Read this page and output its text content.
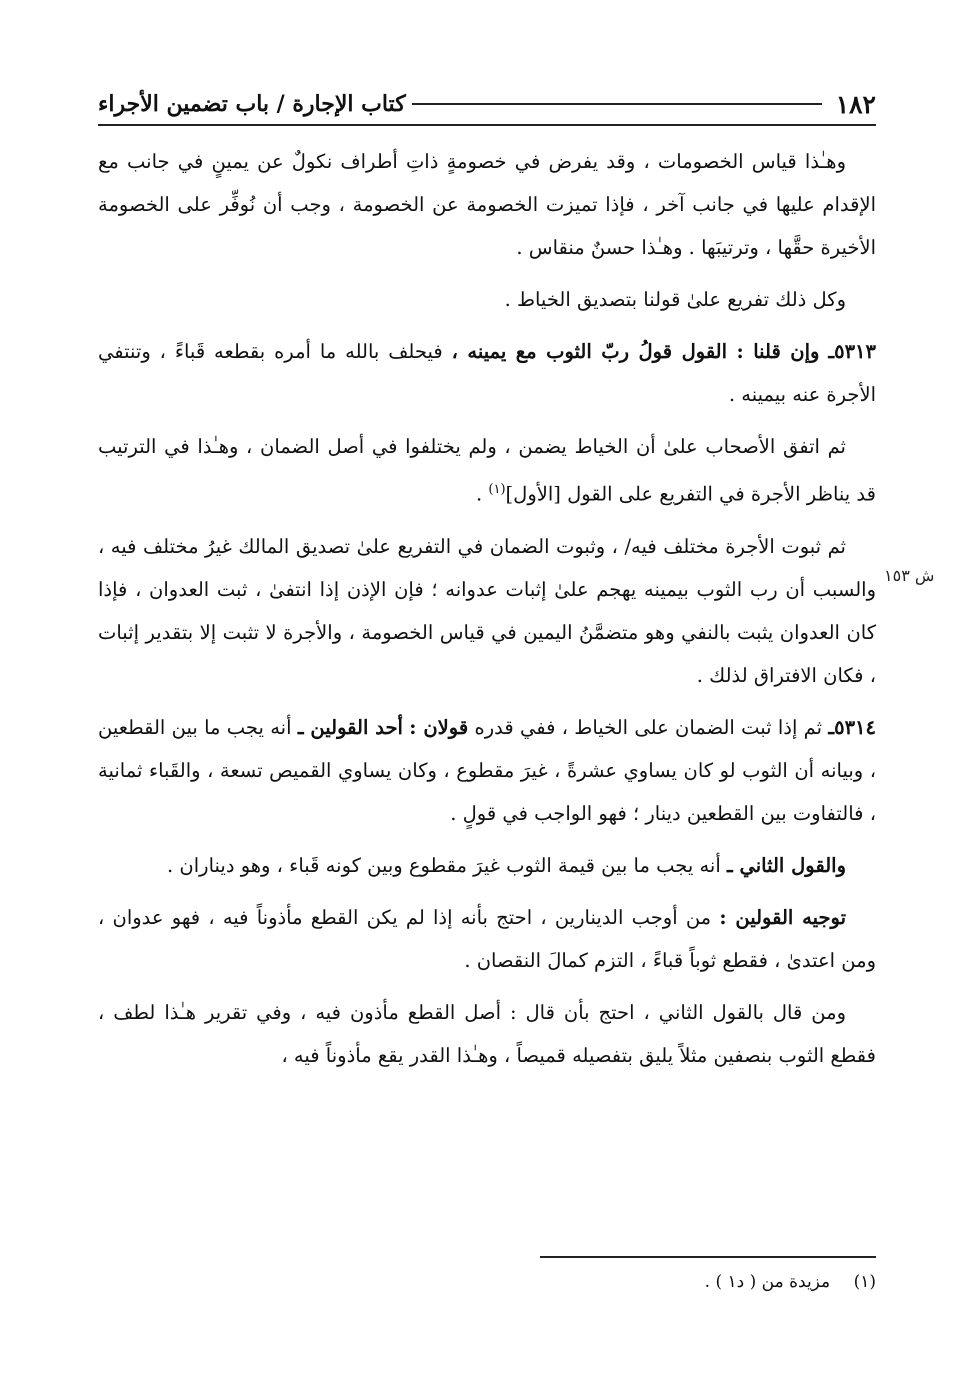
١٨٢
كتاب الإجارة / باب تضمين الأجراء
ش ١٥٣

وهـٰذا قياس الخصومات ، وقد يفرض في خصومةٍ ذاتِ أطراف نكولٌ عن يمينٍ في جانب مع الإقدام عليها في جانب آخر ، فإذا تميزت الخصومة عن الخصومة ، وجب أن نُوفِّر على الخصومة الأخيرة حقَّها ، وترتيبَها . وهـٰذا حسنٌ منقاس .

وكل ذلك تفريع علىٰ قولنا بتصديق الخياط .

٥٣١٣ـ وإن قلنا : القول قولُ ربّ الثوب مع يمينه ، فيحلف بالله ما أمره بقطعه قَباءً ، وتنتفي الأجرة عنه بيمينه .

ثم اتفق الأصحاب علىٰ أن الخياط يضمن ، ولم يختلفوا في أصل الضمان ، وهـٰذا في الترتيب قد يناظر الأجرة في التفريع على القول [الأول]$^{(١)}$ .

ثم ثبوت الأجرة مختلف فيه/ ، وثبوت الضمان في التفريع علىٰ تصديق المالك غيرُ مختلف فيه ، والسبب أن رب الثوب بيمينه يهجم علىٰ إثبات عدوانه ؛ فإن الإذن إذا انتفىٰ ، ثبت العدوان ، فإذا كان العدوان يثبت بالنفي وهو متضمَّنُ اليمين في قياس الخصومة ، والأجرة لا تثبت إلا بتقدير إثبات ، فكان الافتراق لذلك .

٥٣١٤ـ ثم إذا ثبت الضمان على الخياط ، ففي قدره قولان : أحد القولين ـ أنه يجب ما بين القطعين ، وبيانه أن الثوب لو كان يساوي عشرةً ، غيرَ مقطوع ، وكان يساوي القميص تسعة ، والقَباء ثمانية ، فالتفاوت بين القطعين دينار ؛ فهو الواجب في قولٍ .

والقول الثاني ـ أنه يجب ما بين قيمة الثوب غيرَ مقطوع وبين كونه قَباء ، وهو ديناران .

توجيه القولين : من أوجب الدينارين ، احتج بأنه إذا لم يكن القطع مأذوناً فيه ، فهو عدوان ، ومن اعتدىٰ ، فقطع ثوباً قباءً ، التزم كمالَ النقصان .

ومن قال بالقول الثاني ، احتج بأن قال : أصل القطع مأذون فيه ، وفي تقرير هـٰذا لطف ، فقطع الثوب بنصفين مثلاً يليق بتفصيله قميصاً ، وهـٰذا القدر يقع مأذوناً فيه ،

(١) مزيدة من ( د١ ) .
